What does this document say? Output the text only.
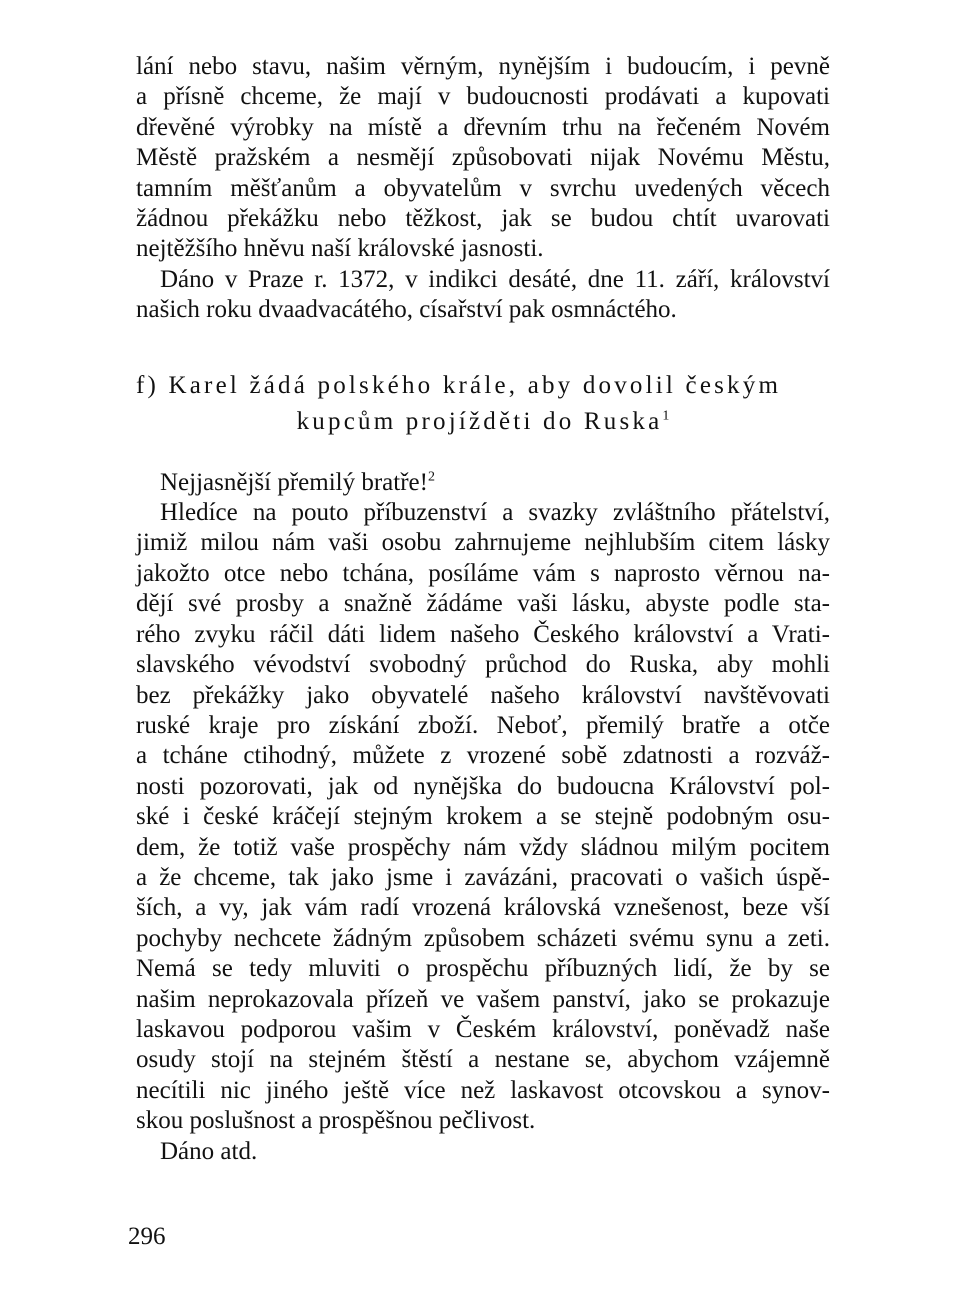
lání nebo stavu, našim věrným, nynějším i budoucím, i pevně
a přísně chceme, že mají v budoucnosti prodávati a kupovati
dřevěné výrobky na místě a dřevním trhu na řečeném Novém
Městě pražském a nesmějí způsobovati nijak Novému Městu,
tamním měšťanům a obyvatelům v svrchu uvedených věcech
žádnou překážku nebo těžkost, jak se budou chtít uvarovati
nejtěžšího hněvu naší královské jasnosti.

Dáno v Praze r. 1372, v indikci desáté, dne 11. září, království
našich roku dvaadvacátého, císařství pak osmnáctého.

f) Karel žádá polského krále, aby dovolil českým
kupcům projížděti do Ruska$^1$

Nejjasnější přemilý bratře!$^2$

Hledíce na pouto příbuzenství a svazky zvláštního přátelství,
jimiž milou nám vaši osobu zahrnujeme nejhlubším citem lásky
jakožto otce nebo tchána, posíláme vám s naprosto věrnou na-
dějí své prosby a snažně žádáme vaši lásku, abyste podle sta-
rého zvyku ráčil dáti lidem našeho Českého království a Vrati-
slavského vévodství svobodný průchod do Ruska, aby mohli
bez překážky jako obyvatelé našeho království navštěvovati
ruské kraje pro získání zboží. Neboť, přemilý bratře a otče
a tcháne ctihodný, můžete z vrozené sobě zdatnosti a rozváž-
nosti pozorovati, jak od nynějška do budoucna Království pol-
ské i české kráčejí stejným krokem a se stejně podobným osu-
dem, že totiž vaše prospěchy nám vždy sládnou milým pocitem
a že chceme, tak jako jsme i zavázáni, pracovati o vašich úspě-
ších, a vy, jak vám radí vrozená královská vznešenost, beze vší
pochyby nechcete žádným způsobem scházeti svému synu a zeti.
Nemá se tedy mluviti o prospěchu příbuzných lidí, že by se
našim neprokazovala přízeň ve vašem panství, jako se prokazuje
laskavou podporou vašim v Českém království, poněvadž naše
osudy stojí na stejném štěstí a nestane se, abychom vzájemně
necítili nic jiného ještě více než laskavost otcovskou a synov-
skou poslušnost a prospěšnou pečlivost.

Dáno atd.

296
